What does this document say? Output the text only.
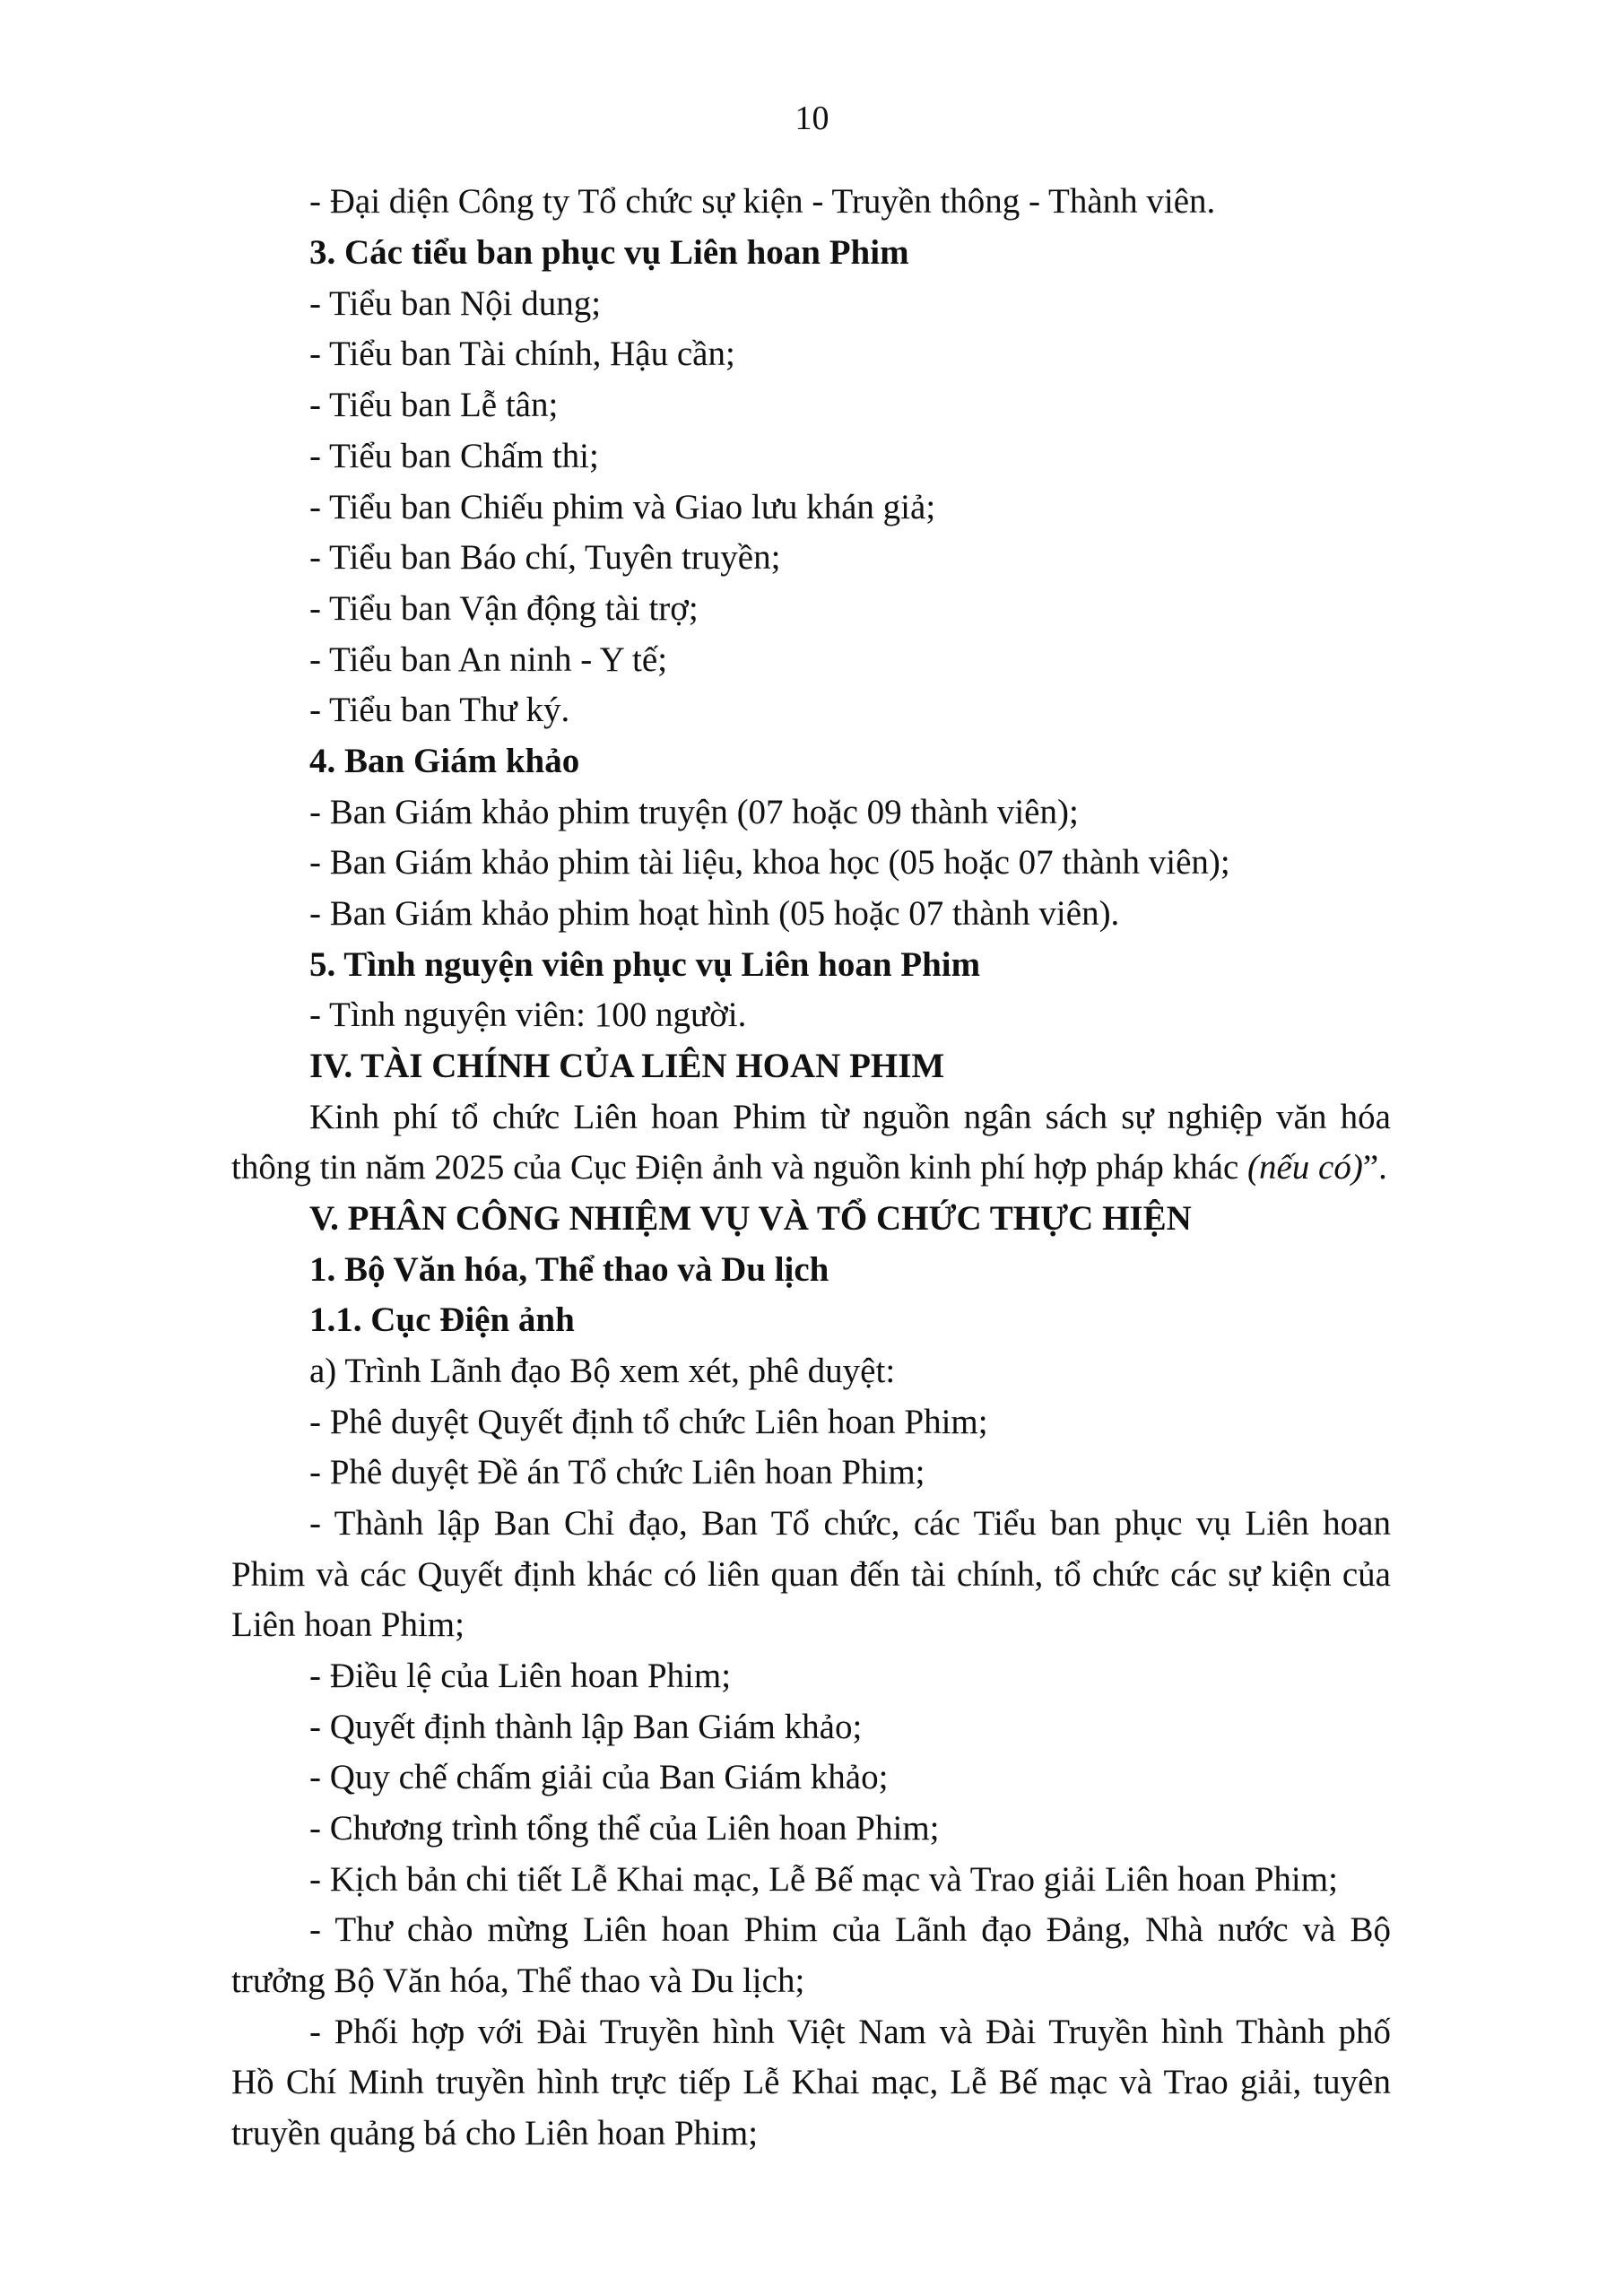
10
- Đại diện Công ty Tổ chức sự kiện - Truyền thông - Thành viên.
3. Các tiểu ban phục vụ Liên hoan Phim
- Tiểu ban Nội dung;
- Tiểu ban Tài chính, Hậu cần;
- Tiểu ban Lễ tân;
- Tiểu ban Chấm thi;
- Tiểu ban Chiếu phim và Giao lưu khán giả;
- Tiểu ban Báo chí, Tuyên truyền;
- Tiểu ban Vận động tài trợ;
- Tiểu ban An ninh - Y tế;
- Tiểu ban Thư ký.
4. Ban Giám khảo
- Ban Giám khảo phim truyện (07 hoặc 09 thành viên);
- Ban Giám khảo phim tài liệu, khoa học (05 hoặc 07 thành viên);
- Ban Giám khảo phim hoạt hình (05 hoặc 07 thành viên).
5. Tình nguyện viên phục vụ Liên hoan Phim
- Tình nguyện viên: 100 người.
IV. TÀI CHÍNH CỦA LIÊN HOAN PHIM
Kinh phí tổ chức Liên hoan Phim từ nguồn ngân sách sự nghiệp văn hóa
thông tin năm 2025 của Cục Điện ảnh và nguồn kinh phí hợp pháp khác (nếu có)”.
V. PHÂN CÔNG NHIỆM VỤ VÀ TỔ CHỨC THỰC HIỆN
1. Bộ Văn hóa, Thể thao và Du lịch
1.1. Cục Điện ảnh
a) Trình Lãnh đạo Bộ xem xét, phê duyệt:
- Phê duyệt Quyết định tổ chức Liên hoan Phim;
- Phê duyệt Đề án Tổ chức Liên hoan Phim;
- Thành lập Ban Chỉ đạo, Ban Tổ chức, các Tiểu ban phục vụ Liên hoan
Phim và các Quyết định khác có liên quan đến tài chính, tổ chức các sự kiện của
Liên hoan Phim;
- Điều lệ của Liên hoan Phim;
- Quyết định thành lập Ban Giám khảo;
- Quy chế chấm giải của Ban Giám khảo;
- Chương trình tổng thể của Liên hoan Phim;
- Kịch bản chi tiết Lễ Khai mạc, Lễ Bế mạc và Trao giải Liên hoan Phim;
- Thư chào mừng Liên hoan Phim của Lãnh đạo Đảng, Nhà nước và Bộ
trưởng Bộ Văn hóa, Thể thao và Du lịch;
- Phối hợp với Đài Truyền hình Việt Nam và Đài Truyền hình Thành phố
Hồ Chí Minh truyền hình trực tiếp Lễ Khai mạc, Lễ Bế mạc và Trao giải, tuyên
truyền quảng bá cho Liên hoan Phim;
